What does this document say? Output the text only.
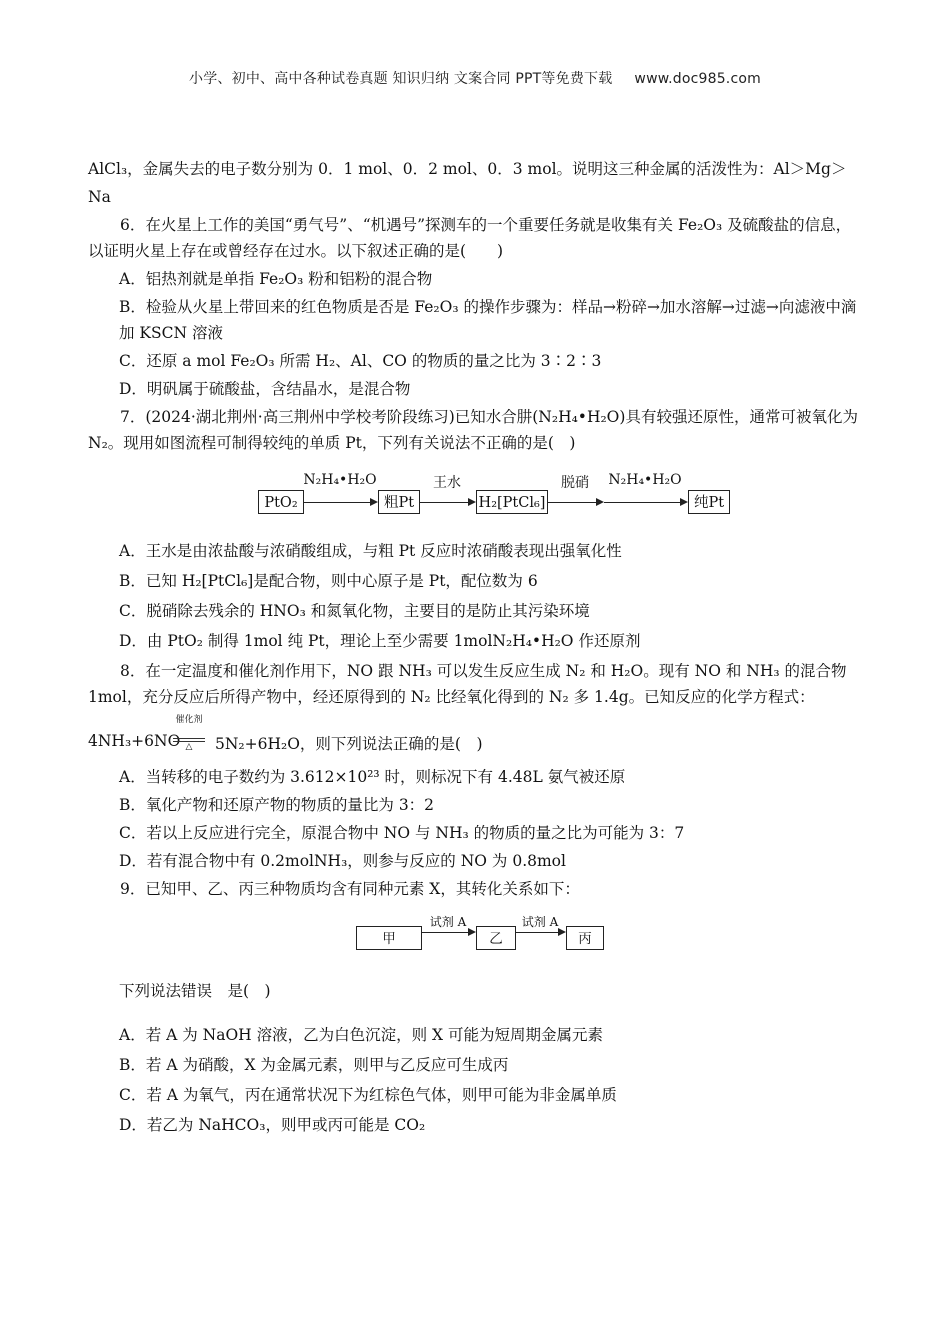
小学、初中、高中各种试卷真题 知识归纳 文案合同 PPT等免费下载 www.doc985.com
AlCl₃，金属失去的电子数分别为 0．1 mol、0．2 mol、0．3 mol。说明这三种金属的活泼性为：Al＞Mg＞
Na
6．在火星上工作的美国“勇气号”、“机遇号”探测车的一个重要任务就是收集有关 Fe₂O₃ 及硫酸盐的信息，以证明火星上存在或曾经存在过水。以下叙述正确的是(　　)
A．铝热剂就是单指 Fe₂O₃ 粉和铝粉的混合物
B．检验从火星上带回来的红色物质是否是 Fe₂O₃ 的操作步骤为：样品→粉碎→加水溶解→过滤→向滤液中滴加 KSCN 溶液
C．还原 a mol Fe₂O₃ 所需 H₂、Al、CO 的物质的量之比为 3∶2∶3
D．明矾属于硫酸盐，含结晶水，是混合物
7．(2024·湖北荆州·高三荆州中学校考阶段练习)已知水合肼(N₂H₄•H₂O)具有较强还原性，通常可被氧化为 N₂。现用如图流程可制得较纯的单质 Pt，下列有关说法不正确的是(　)
PtO₂
N₂H₄•H₂O
粗Pt
王水
H₂[PtCl₆]
脱硝	N₂H₄•H₂O
纯Pt
A．王水是由浓盐酸与浓硝酸组成，与粗 Pt 反应时浓硝酸表现出强氧化性
B．已知 H₂[PtCl₆]是配合物，则中心原子是 Pt，配位数为 6
C．脱硝除去残余的 HNO₃ 和氮氧化物，主要目的是防止其污染环境
D．由 PtO₂ 制得 1mol 纯 Pt，理论上至少需要 1molN₂H₄•H₂O 作还原剂
8．在一定温度和催化剂作用下，NO 跟 NH₃ 可以发生反应生成 N₂ 和 H₂O。现有 NO 和 NH₃ 的混合物 1mol，充分反应后所得产物中，经还原得到的 N₂ 比经氧化得到的 N₂ 多 1.4g。已知反应的化学方程式：
4NH₃+6NO
催化剂
△	5N₂+6H₂O，则下列说法正确的是(　)
A．当转移的电子数约为 3.612×10²³ 时，则标况下有 4.48L 氨气被还原
B．氧化产物和还原产物的物质的量比为 3：2
C．若以上反应进行完全，原混合物中 NO 与 NH₃ 的物质的量之比为可能为 3：7
D．若有混合物中有 0.2molNH₃，则参与反应的 NO 为 0.8mol
9．已知甲、乙、丙三种物质均含有同种元素 X，其转化关系如下：
甲
试剂 A
乙
试剂 A
丙
下列说法错误　是(　)
A．若 A 为 NaOH 溶液，乙为白色沉淀，则 X 可能为短周期金属元素
B．若 A 为硝酸，X 为金属元素，则甲与乙反应可生成丙
C．若 A 为氧气，丙在通常状况下为红棕色气体，则甲可能为非金属单质
D．若乙为 NaHCO₃，则甲或丙可能是 CO₂
